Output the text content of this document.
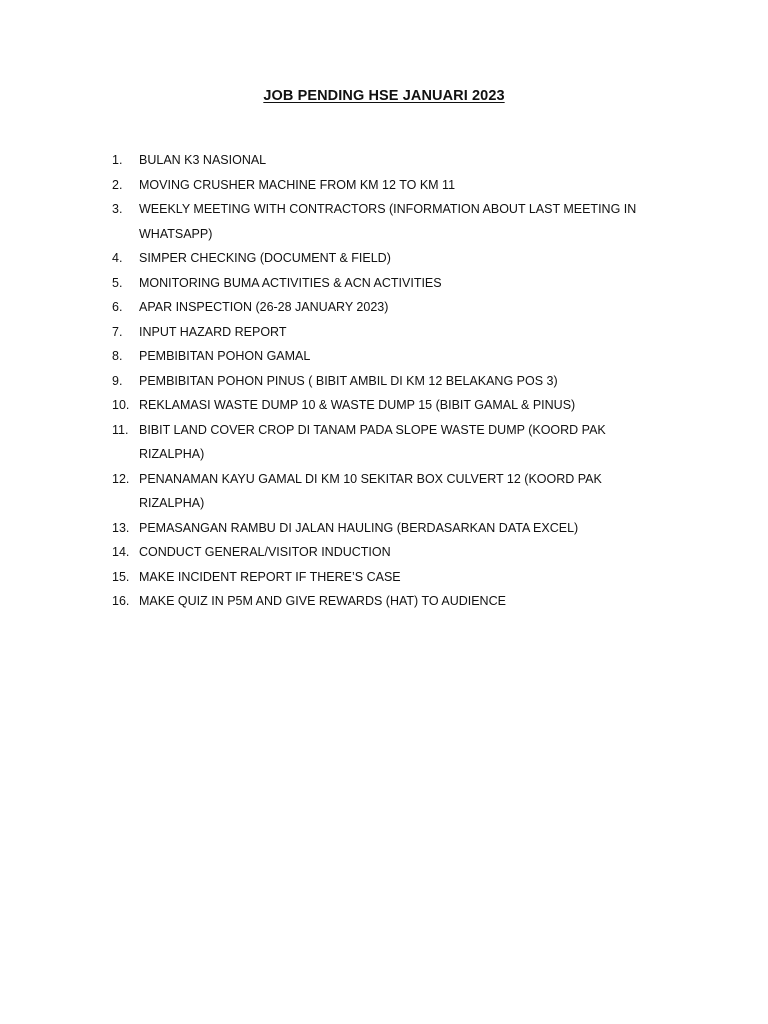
JOB PENDING HSE JANUARI 2023
1.	BULAN K3 NASIONAL
2.	MOVING CRUSHER MACHINE FROM KM 12 TO KM 11
3.	WEEKLY MEETING WITH CONTRACTORS (INFORMATION ABOUT LAST MEETING IN WHATSAPP)
4.	SIMPER CHECKING (DOCUMENT & FIELD)
5.	MONITORING BUMA ACTIVITIES & ACN ACTIVITIES
6.	APAR INSPECTION (26-28 JANUARY 2023)
7.	INPUT HAZARD REPORT
8.	PEMBIBITAN POHON GAMAL
9.	PEMBIBITAN POHON PINUS ( BIBIT AMBIL DI KM 12 BELAKANG POS 3)
10. REKLAMASI WASTE DUMP 10 & WASTE DUMP 15 (BIBIT GAMAL & PINUS)
11. BIBIT LAND COVER CROP DI TANAM PADA SLOPE WASTE DUMP (KOORD PAK RIZALPHA)
12. PENANAMAN KAYU GAMAL DI KM 10 SEKITAR BOX CULVERT 12 (KOORD PAK RIZALPHA)
13. PEMASANGAN RAMBU DI JALAN HAULING (BERDASARKAN DATA EXCEL)
14. CONDUCT GENERAL/VISITOR INDUCTION
15. MAKE INCIDENT REPORT IF THERE’S CASE
16. MAKE QUIZ IN P5M AND GIVE REWARDS (HAT) TO AUDIENCE
